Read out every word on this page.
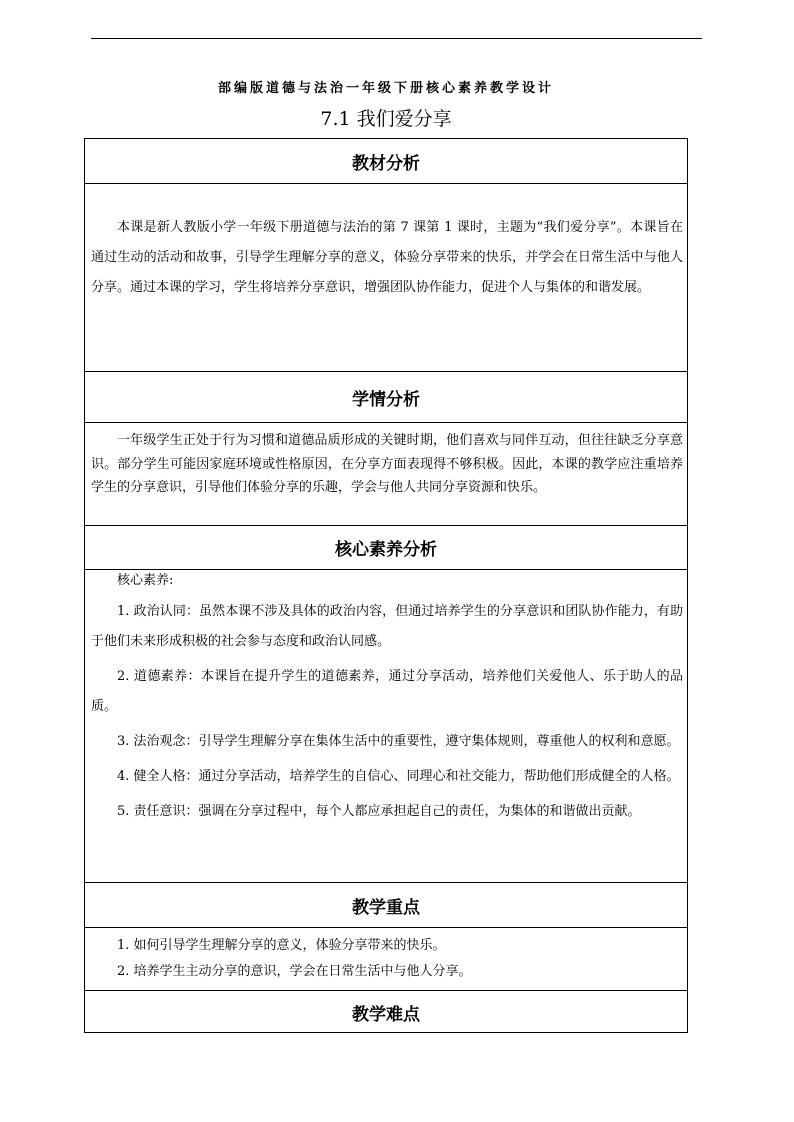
部编版道德与法治一年级下册核心素养教学设计
7.1 我们爱分享
教材分析

本课是新人教版小学一年级下册道德与法治的第 7 课第 1 课时，主题为“我们爱分享”。本课旨在通过生动的活动和故事，引导学生理解分享的意义，体验分享带来的快乐，并学会在日常生活中与他人分享。通过本课的学习，学生将培养分享意识，增强团队协作能力，促进个人与集体的和谐发展。

学情分析

一年级学生正处于行为习惯和道德品质形成的关键时期，他们喜欢与同伴互动，但往往缺乏分享意识。部分学生可能因家庭环境或性格原因，在分享方面表现得不够积极。因此，本课的教学应注重培养学生的分享意识，引导他们体验分享的乐趣，学会与他人共同分享资源和快乐。

核心素养分析

核心素养:

1. 政治认同：虽然本课不涉及具体的政治内容，但通过培养学生的分享意识和团队协作能力，有助于他们未来形成积极的社会参与态度和政治认同感。

2. 道德素养：本课旨在提升学生的道德素养，通过分享活动，培养他们关爱他人、乐于助人的品质。

3. 法治观念：引导学生理解分享在集体生活中的重要性，遵守集体规则，尊重他人的权利和意愿。

4. 健全人格：通过分享活动，培养学生的自信心、同理心和社交能力，帮助他们形成健全的人格。

5. 责任意识：强调在分享过程中，每个人都应承担起自己的责任，为集体的和谐做出贡献。

教学重点

1. 如何引导学生理解分享的意义，体验分享带来的快乐。

2. 培养学生主动分享的意识，学会在日常生活中与他人分享。

教学难点
